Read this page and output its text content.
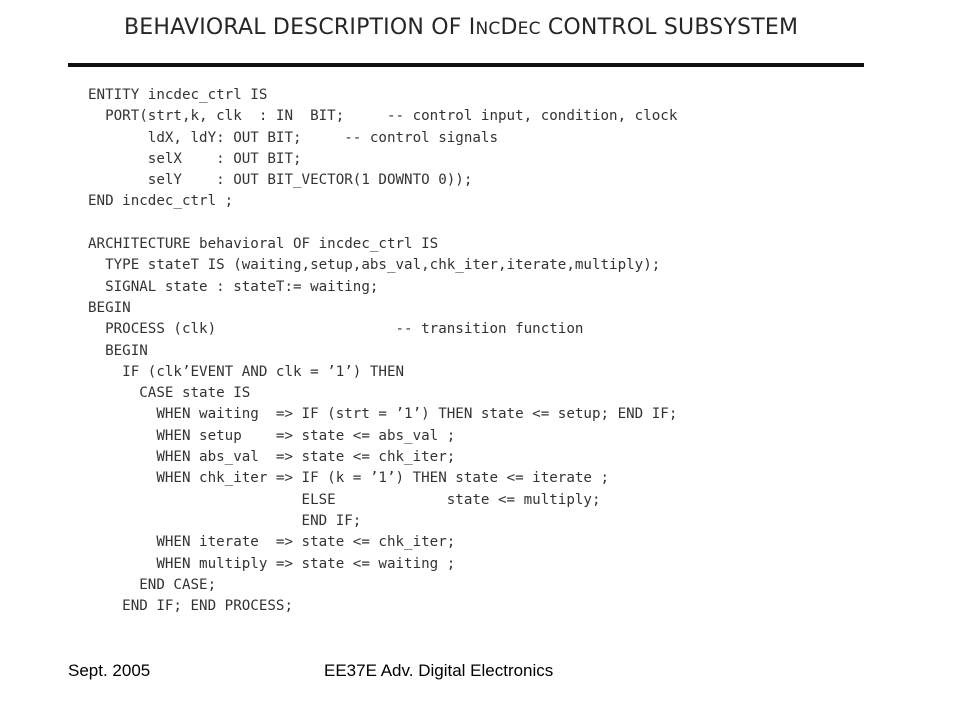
BEHAVIORAL DESCRIPTION OF INCDEC CONTROL SUBSYSTEM
ENTITY incdec_ctrl IS
PORT(strt,k, clk  : IN  BIT;     -- control input, condition, clock
ldX, ldY: OUT BIT;     -- control signals
selX    : OUT BIT;
selY    : OUT BIT_VECTOR(1 DOWNTO 0));
END incdec_ctrl ;
ARCHITECTURE behavioral OF incdec_ctrl IS
TYPE stateT IS (waiting,setup,abs_val,chk_iter,iterate,multiply);
SIGNAL state : stateT:= waiting;
BEGIN
PROCESS (clk)                     -- transition function
BEGIN
IF (clk’EVENT AND clk = ’1’) THEN
CASE state IS
WHEN waiting  => IF (strt = ’1’) THEN state <= setup; END IF;
WHEN setup    => state <= abs_val ;
WHEN abs_val  => state <= chk_iter;
WHEN chk_iter => IF (k = ’1’) THEN state <= iterate ;
ELSE             state <= multiply;
END IF;
WHEN iterate  => state <= chk_iter;
WHEN multiply => state <= waiting ;
END CASE;
END IF; END PROCESS;
Sept. 2005	EE37E Adv. Digital Electronics
